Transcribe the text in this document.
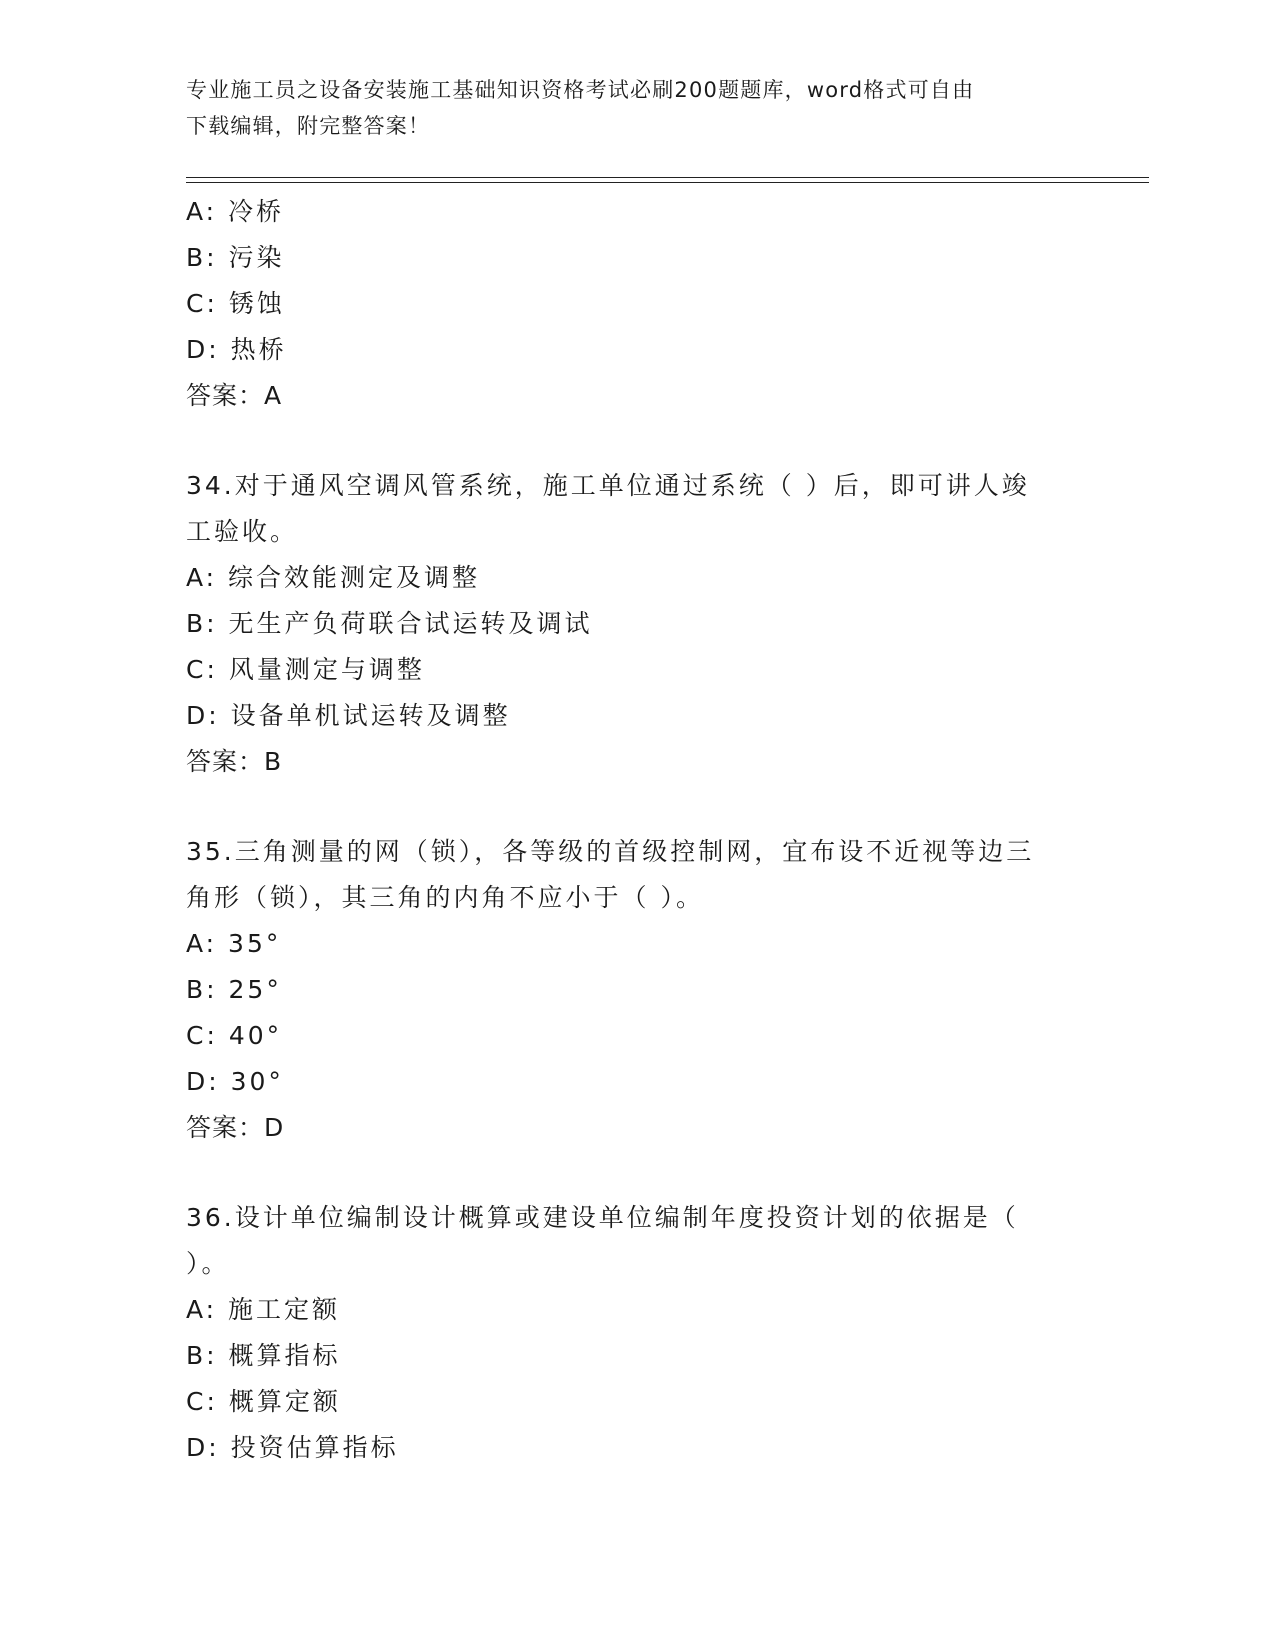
专业施工员之设备安装施工基础知识资格考试必刷200题题库，word格式可自由
下载编辑，附完整答案！
A: 冷桥
B: 污染
C: 锈蚀
D: 热桥
答案：A
34.对于通风空调风管系统，施工单位通过系统（ ）后，即可讲人竣
工验收。
A: 综合效能测定及调整
B: 无生产负荷联合试运转及调试
C: 风量测定与调整
D: 设备单机试运转及调整
答案：B
35.三角测量的网（锁），各等级的首级控制网，宜布设不近视等边三
角形（锁），其三角的内角不应小于（ ）。
A: 35°
B: 25°
C: 40°
D: 30°
答案：D
36.设计单位编制设计概算或建设单位编制年度投资计划的依据是（
）。
A: 施工定额
B: 概算指标
C: 概算定额
D: 投资估算指标
